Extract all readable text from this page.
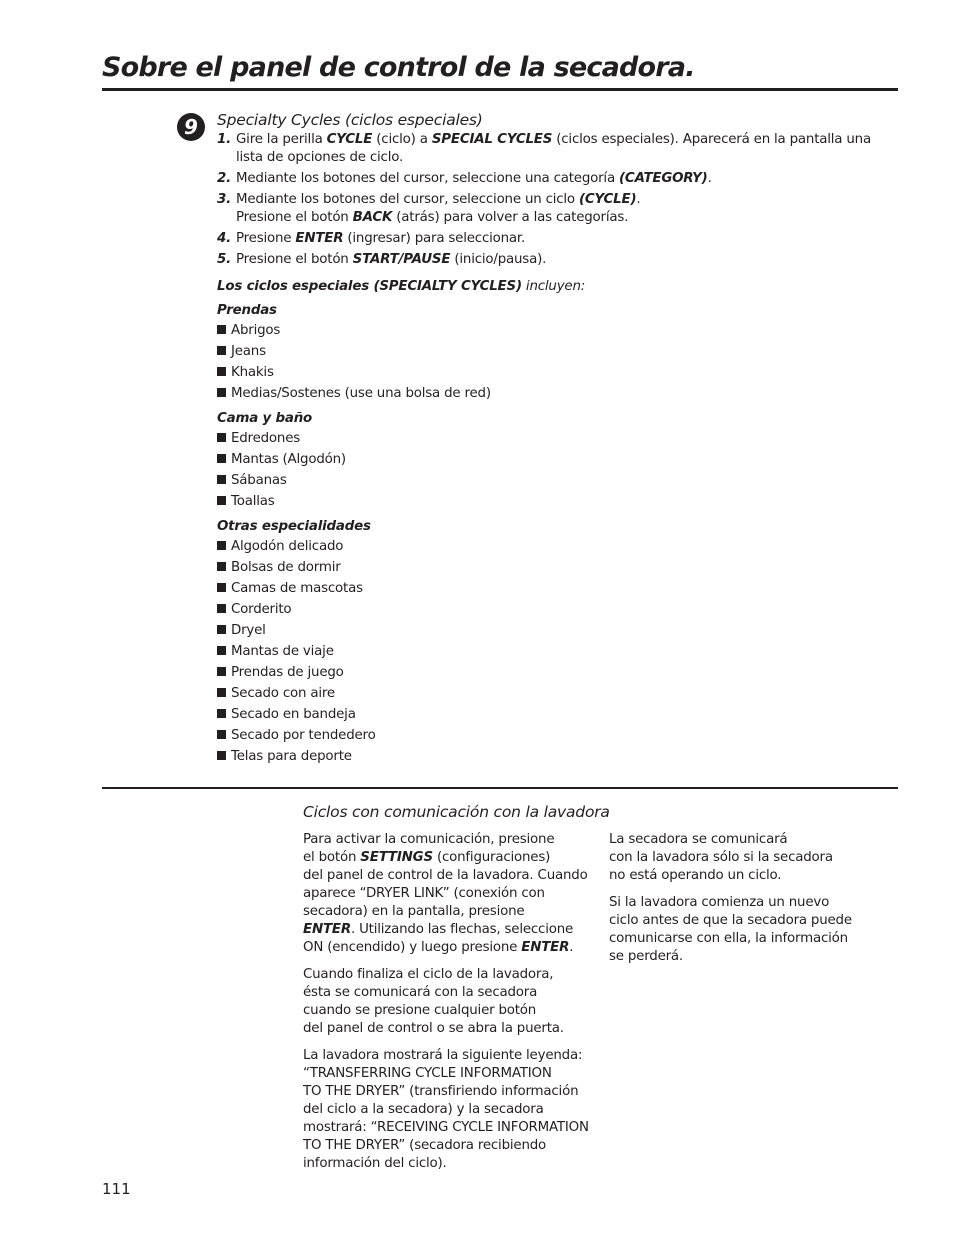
Sobre el panel de control de la secadora.
9	Specialty Cycles (ciclos especiales)

1. Gire la perilla CYCLE (ciclo) a SPECIAL CYCLES (ciclos especiales). Aparecerá en la pantalla una lista de opciones de ciclo.
2. Mediante los botones del cursor, seleccione una categoría (CATEGORY).
3. Mediante los botones del cursor, seleccione un ciclo (CYCLE).
Presione el botón BACK (atrás) para volver a las categorías.
4. Presione ENTER (ingresar) para seleccionar.
5. Presione el botón START/PAUSE (inicio/pausa).

Los ciclos especiales (SPECIALTY CYCLES) incluyen:

Prendas

Abrigos
Jeans
Khakis
Medias/Sostenes (use una bolsa de red)

Cama y baño

Edredones
Mantas (Algodón)
Sábanas
Toallas

Otras especialidades

Algodón delicado
Bolsas de dormir
Camas de mascotas
Corderito
Dryel
Mantas de viaje
Prendas de juego
Secado con aire
Secado en bandeja
Secado por tendedero
Telas para deporte

Ciclos con comunicación con la lavadora

Para activar la comunicación, presione
el botón SETTINGS (configuraciones)
del panel de control de la lavadora. Cuando
aparece “DRYER LINK” (conexión con
secadora) en la pantalla, presione
ENTER. Utilizando las flechas, seleccione
ON (encendido) y luego presione ENTER.

Cuando finaliza el ciclo de la lavadora,
ésta se comunicará con la secadora
cuando se presione cualquier botón
del panel de control o se abra la puerta.

La lavadora mostrará la siguiente leyenda:
“TRANSFERRING CYCLE INFORMATION
TO THE DRYER” (transfiriendo información
del ciclo a la secadora) y la secadora
mostrará: “RECEIVING CYCLE INFORMATION
TO THE DRYER” (secadora recibiendo
información del ciclo).

La secadora se comunicará
con la lavadora sólo si la secadora
no está operando un ciclo.

Si la lavadora comienza un nuevo
ciclo antes de que la secadora puede
comunicarse con ella, la información
se perderá.

111
